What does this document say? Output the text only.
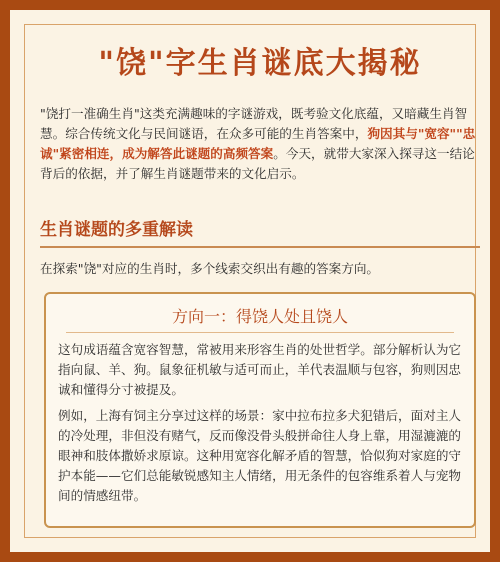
"饶"字生肖谜底大揭秘
"饶打一准确生肖"这类充满趣味的字谜游戏，既考验文化底蕴，又暗藏生肖智慧。综合传统文化与民间谜语，在众多可能的生肖答案中，狗因其与"宽容""忠诚"紧密相连，成为解答此谜题的高频答案。今天，就带大家深入探寻这一结论背后的依据，并了解生肖谜题带来的文化启示。
生肖谜题的多重解读
在探索"饶"对应的生肖时，多个线索交织出有趣的答案方向。
方向一：得饶人处且饶人
这句成语蕴含宽容智慧，常被用来形容生肖的处世哲学。部分解析认为它指向鼠、羊、狗。鼠象征机敏与适可而止，羊代表温顺与包容，狗则因忠诚和懂得分寸被提及。
例如，上海有饲主分享过这样的场景：家中拉布拉多犬犯错后，面对主人的冷处理，非但没有赌气，反而像没骨头般拼命往人身上靠，用湿漉漉的眼神和肢体撒娇求原谅。这种用宽容化解矛盾的智慧，恰似狗对家庭的守护本能——它们总能敏锐感知主人情绪，用无条件的包容维系着人与宠物间的情感纽带。
